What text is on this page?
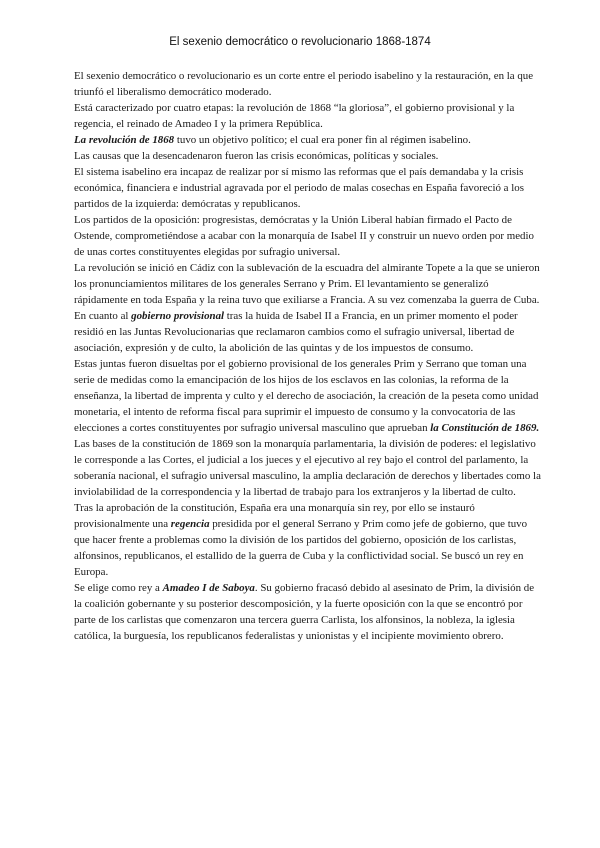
El sexenio democrático o revolucionario 1868-1874

El sexenio democrático o revolucionario es un corte entre el periodo isabelino y la restauración, en la que triunfó el liberalismo democrático moderado.

Está caracterizado por cuatro etapas: la revolución de 1868 “la gloriosa”, el gobierno provisional y la regencia, el reinado de Amadeo I y la primera República.

La revolución de 1868 tuvo un objetivo político; el cual era poner fin al régimen isabelino.

Las causas que la desencadenaron fueron las crisis económicas, políticas y sociales.

El sistema isabelino era incapaz de realizar por sí mismo las reformas que el país demandaba y la crisis económica, financiera e industrial agravada por el periodo de malas cosechas en España favoreció a los partidos de la izquierda: demócratas y republicanos.

Los partidos de la oposición: progresistas, demócratas y la Unión Liberal habían firmado el Pacto de Ostende, comprometiéndose a acabar con la monarquía de Isabel II y construir un nuevo orden por medio de unas cortes constituyentes elegidas por sufragio universal.

La revolución se inició en Cádiz con la sublevación de la escuadra del almirante Topete a la que se unieron los pronunciamientos militares de los generales Serrano y Prim. El levantamiento se generalizó rápidamente en toda España y la reina tuvo que exiliarse a Francia. A su vez comenzaba la guerra de Cuba.

En cuanto al gobierno provisional tras la huida de Isabel II a Francia, en un primer momento el poder residió en las Juntas Revolucionarias que reclamaron cambios como el sufragio universal, libertad de asociación, expresión y de culto, la abolición de las quintas y de los impuestos de consumo.

Estas juntas fueron disueltas por el gobierno provisional de los generales Prim y Serrano que toman una serie de medidas como la emancipación de los hijos de los esclavos en las colonias, la reforma de la enseñanza, la libertad de imprenta y culto y el derecho de asociación, la creación de la peseta como unidad monetaria, el intento de reforma fiscal para suprimir el impuesto de consumo y la convocatoria de las elecciones a cortes constituyentes por sufragio universal masculino que aprueban la Constitución de 1869.

Las bases de la constitución de 1869 son la monarquía parlamentaria, la división de poderes: el legislativo le corresponde a las Cortes, el judicial a los jueces y el ejecutivo al rey bajo el control del parlamento, la soberanía nacional, el sufragio universal masculino, la amplia declaración de derechos y libertades como la inviolabilidad de la correspondencia y la libertad de trabajo para los extranjeros y la libertad de culto.

Tras la aprobación de la constitución, España era una monarquía sin rey, por ello se instauró provisionalmente una regencia presidida por el general Serrano y Prim como jefe de gobierno, que tuvo que hacer frente a problemas como la división de los partidos del gobierno, oposición de los carlistas, alfonsinos, republicanos, el estallido de la guerra de Cuba y la conflictividad social. Se buscó un rey en Europa.

Se elige como rey a Amadeo I de Saboya. Su gobierno fracasó debido al asesinato de Prim, la división de la coalición gobernante y su posterior descomposición, y la fuerte oposición con la que se encontró por parte de los carlistas que comenzaron una tercera guerra Carlista, los alfonsinos, la nobleza, la iglesia católica, la burguesía, los republicanos federalistas y unionistas y el incipiente movimiento obrero.
